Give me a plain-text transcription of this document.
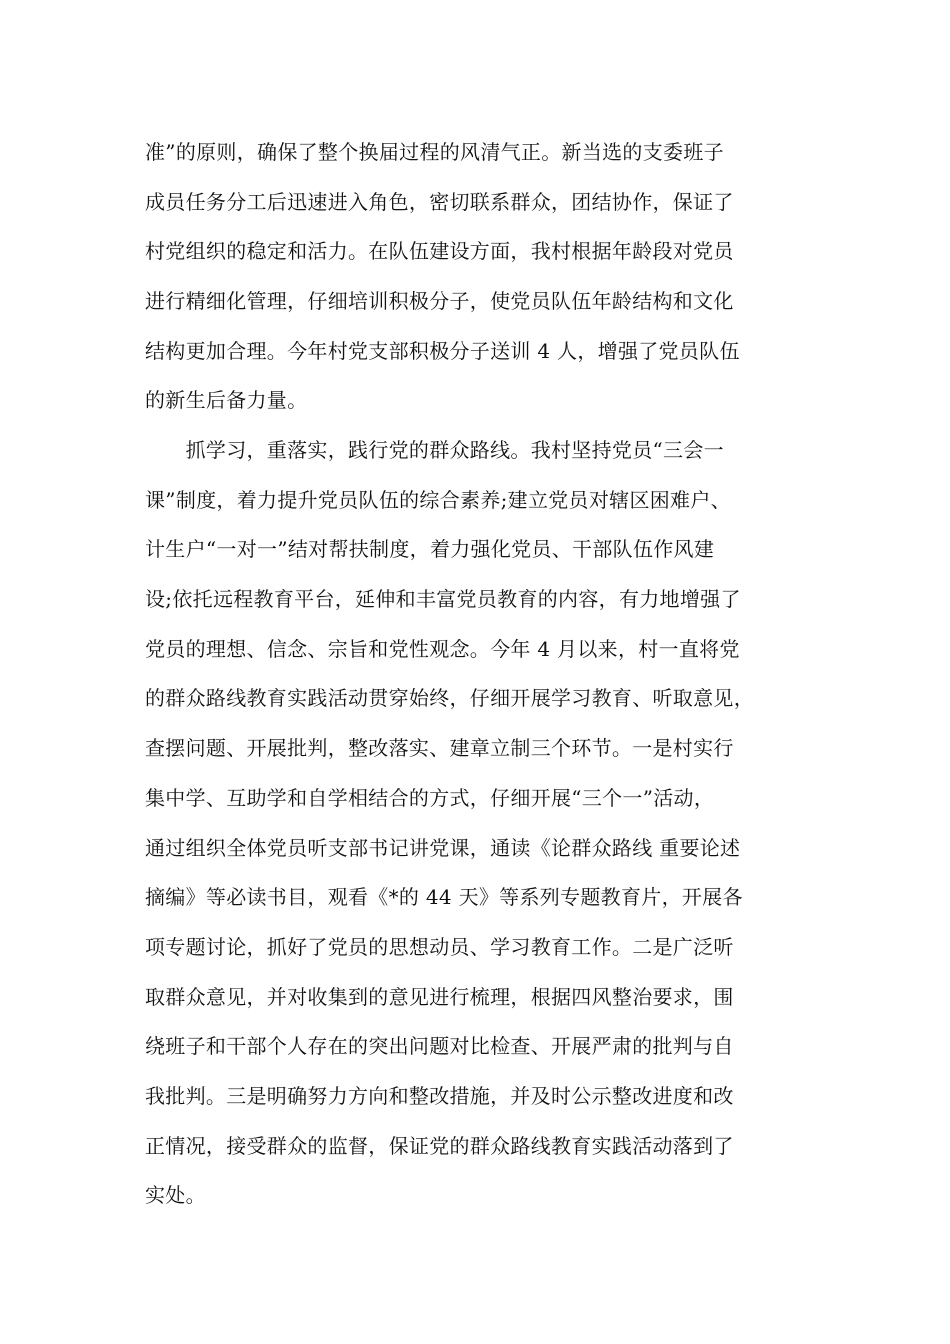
准”的原则，确保了整个换届过程的风清气正。新当选的支委班子
成员任务分工后迅速进入角色，密切联系群众，团结协作，保证了
村党组织的稳定和活力。在队伍建设方面，我村根据年龄段对党员
进行精细化管理，仔细培训积极分子，使党员队伍年龄结构和文化
结构更加合理。今年村党支部积极分子送训 4 人，增强了党员队伍
的新生后备力量。
　　抓学习，重落实，践行党的群众路线。我村坚持党员“三会一
课”制度，着力提升党员队伍的综合素养;建立党员对辖区困难户、
计生户“一对一”结对帮扶制度，着力强化党员、干部队伍作风建
设;依托远程教育平台，延伸和丰富党员教育的内容，有力地增强了
党员的理想、信念、宗旨和党性观念。今年 4 月以来，村一直将党
的群众路线教育实践活动贯穿始终，仔细开展学习教育、听取意见，
查摆问题、开展批判，整改落实、建章立制三个环节。一是村实行
集中学、互助学和自学相结合的方式，仔细开展“三个一”活动，
通过组织全体党员听支部书记讲党课，通读《论群众路线 重要论述
摘编》等必读书目，观看《*的 44 天》等系列专题教育片，开展各
项专题讨论，抓好了党员的思想动员、学习教育工作。二是广泛听
取群众意见，并对收集到的意见进行梳理，根据四风整治要求，围
绕班子和干部个人存在的突出问题对比检查、开展严肃的批判与自
我批判。三是明确努力方向和整改措施，并及时公示整改进度和改
正情况，接受群众的监督，保证党的群众路线教育实践活动落到了
实处。
